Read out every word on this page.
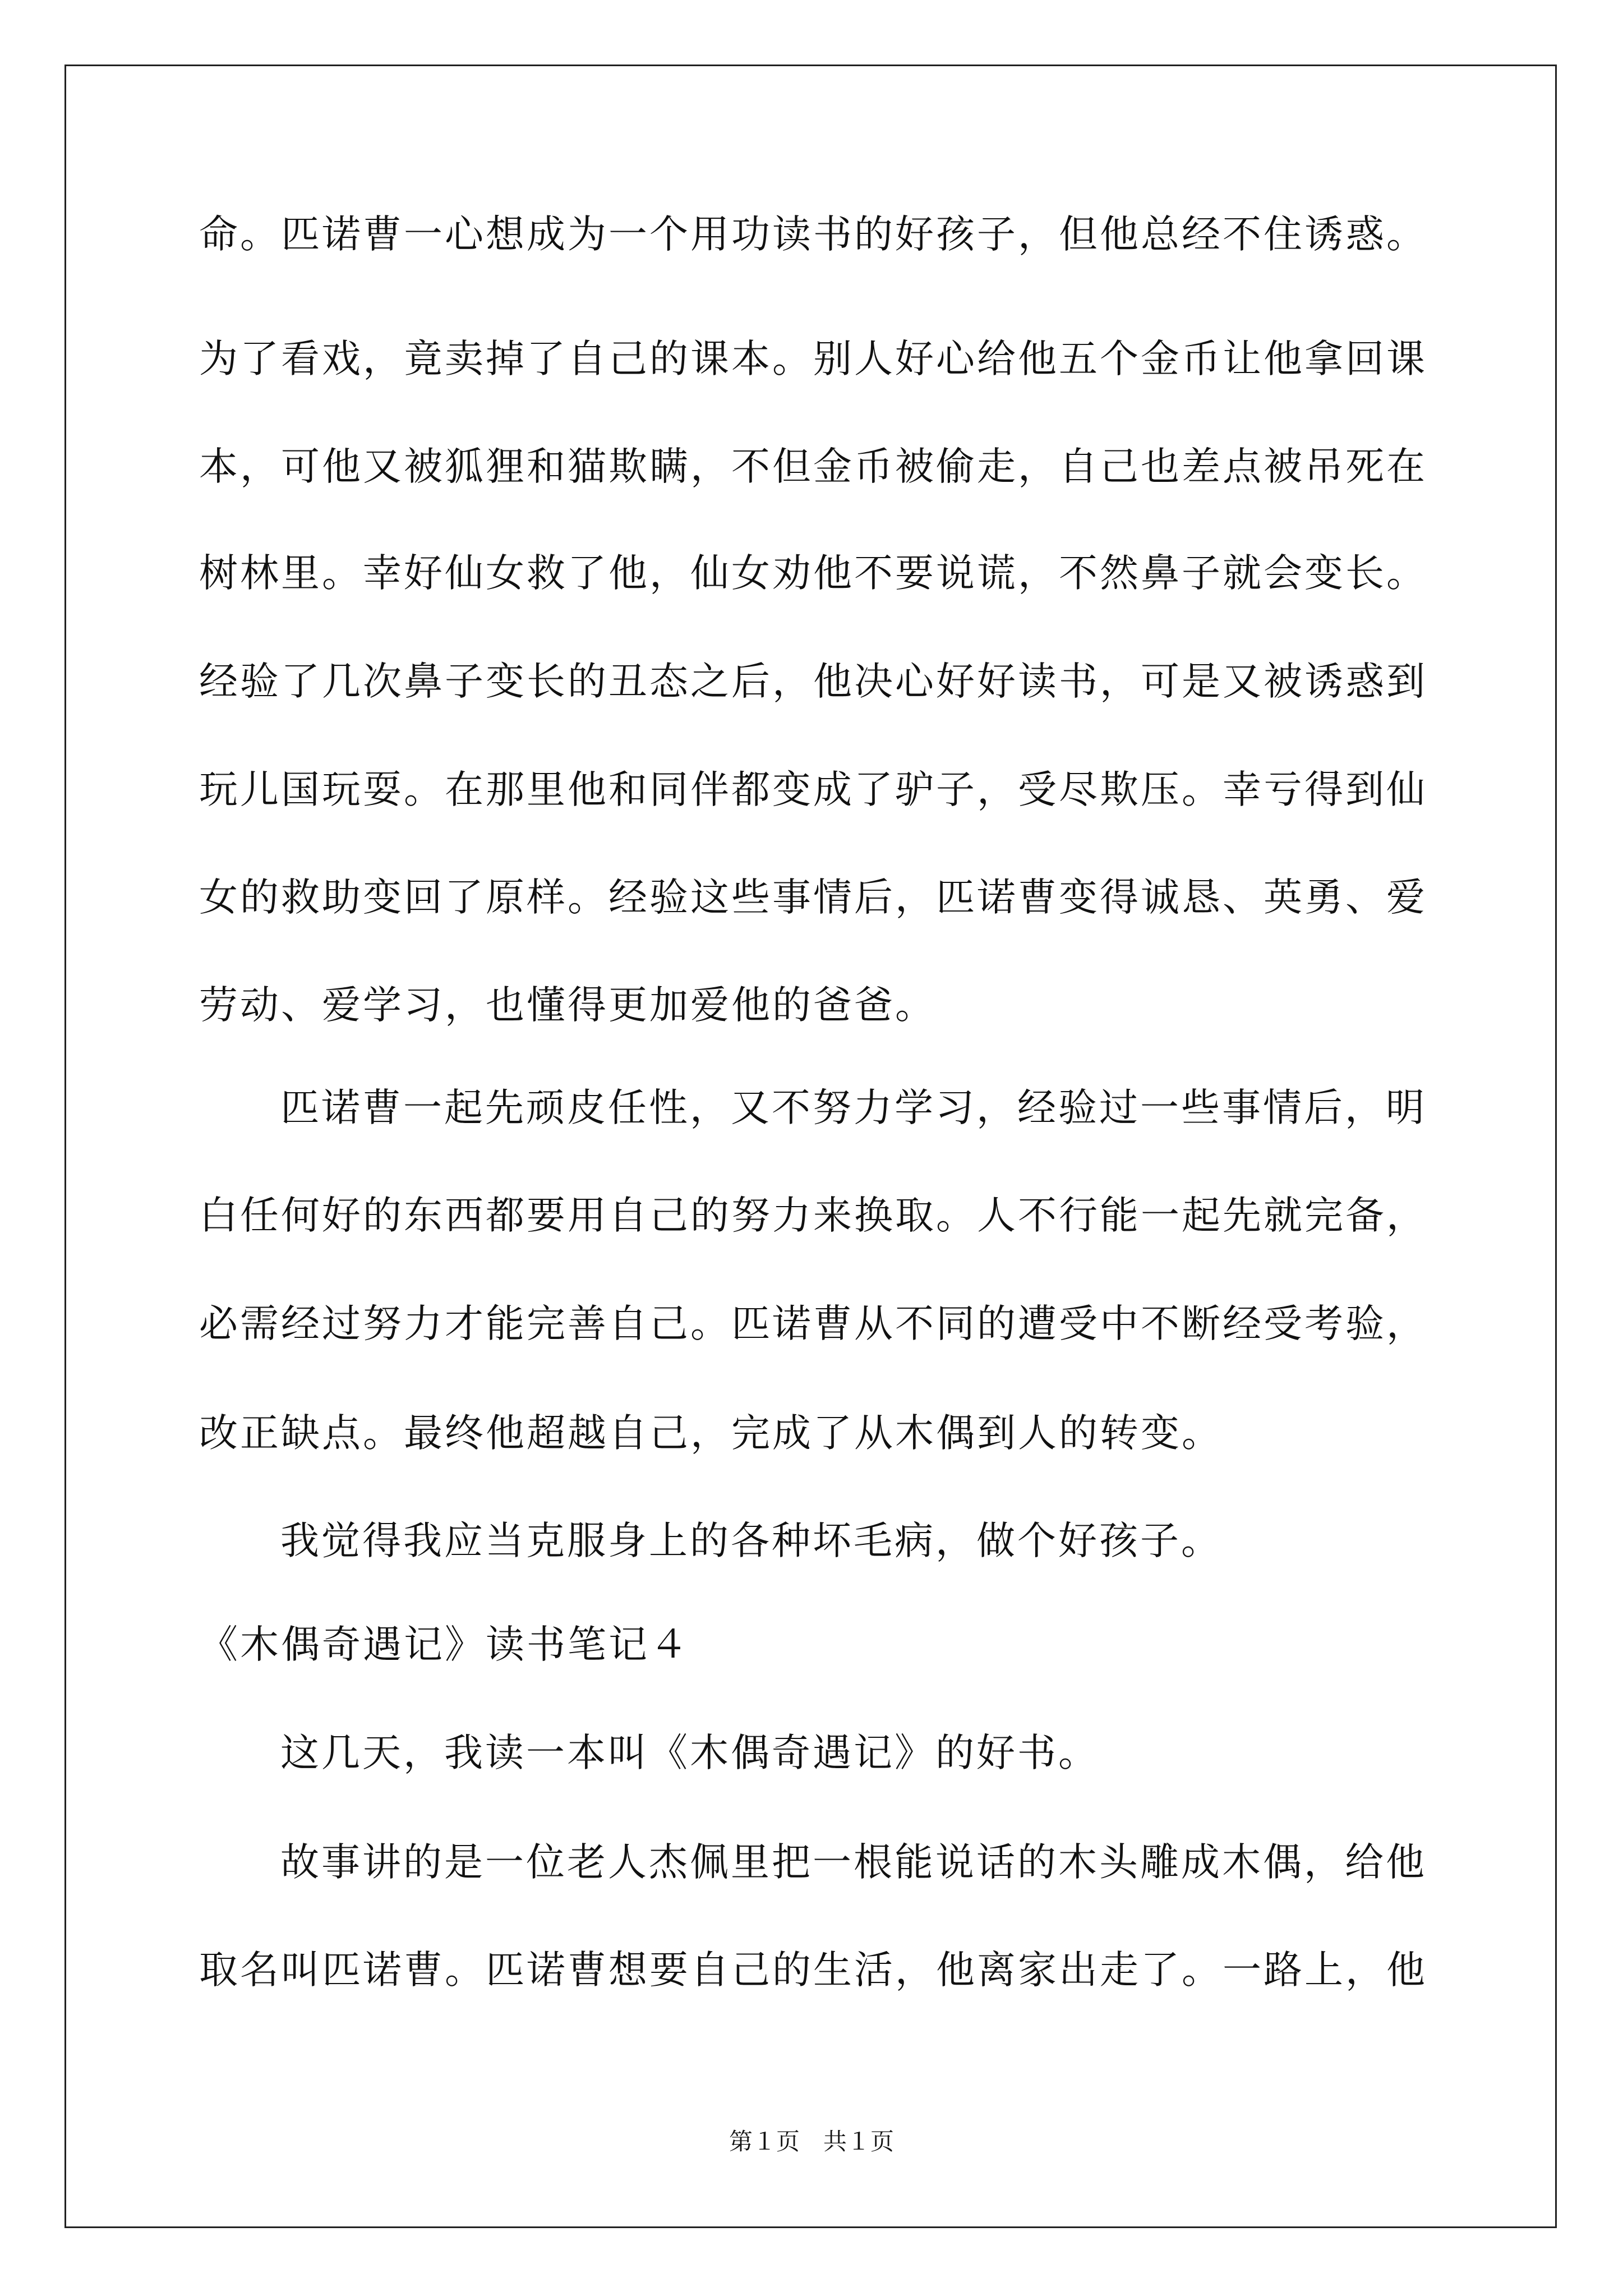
命。匹诺曹一心想成为一个用功读书的好孩子，但他总经不住诱惑。
为了看戏，竟卖掉了自己的课本。别人好心给他五个金币让他拿回课
本，可他又被狐狸和猫欺瞒，不但金币被偷走，自己也差点被吊死在
树林里。幸好仙女救了他，仙女劝他不要说谎，不然鼻子就会变长。
经验了几次鼻子变长的丑态之后，他决心好好读书，可是又被诱惑到
玩儿国玩耍。在那里他和同伴都变成了驴子，受尽欺压。幸亏得到仙
女的救助变回了原样。经验这些事情后，匹诺曹变得诚恳、英勇、爱
劳动、爱学习，也懂得更加爱他的爸爸。
匹诺曹一起先顽皮任性，又不努力学习，经验过一些事情后，明
白任何好的东西都要用自己的努力来换取。人不行能一起先就完备，
必需经过努力才能完善自己。匹诺曹从不同的遭受中不断经受考验，
改正缺点。最终他超越自己，完成了从木偶到人的转变。
我觉得我应当克服身上的各种坏毛病，做个好孩子。
《木偶奇遇记》读书笔记４
这几天，我读一本叫《木偶奇遇记》的好书。
故事讲的是一位老人杰佩里把一根能说话的木头雕成木偶，给他
取名叫匹诺曹。匹诺曹想要自己的生活，他离家出走了。一路上，他
第１页　共１页
